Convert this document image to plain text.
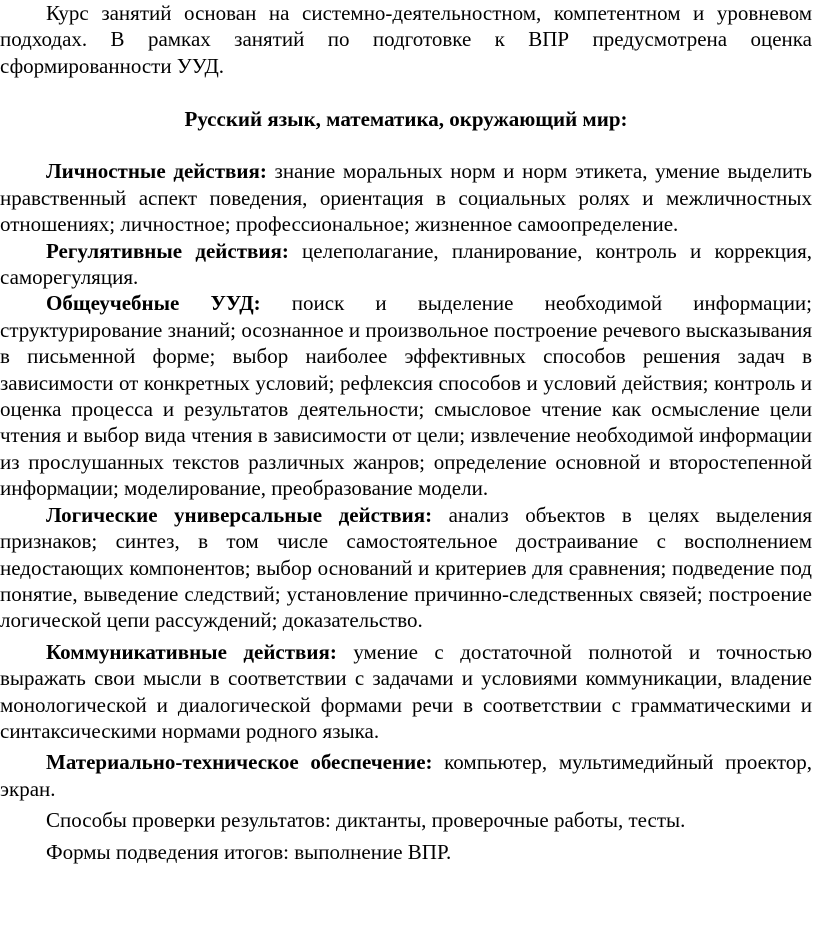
Курс занятий основан на системно-деятельностном, компетентном и уровневом подходах. В рамках занятий по подготовке к ВПР предусмотрена оценка сформированности УУД.

Русский язык, математика, окружающий мир:

Личностные действия: знание моральных норм и норм этикета, умение выделить нравственный аспект поведения, ориентация в социальных ролях и межличностных отношениях; личностное; профессиональное; жизненное самоопределение.

Регулятивные действия: целеполагание, планирование, контроль и коррекция, саморегуляция.

Общеучебные УУД: поиск и выделение необходимой информации; структурирование знаний; осознанное и произвольное построение речевого высказывания в письменной форме; выбор наиболее эффективных способов решения задач в зависимости от конкретных условий; рефлексия способов и условий действия; контроль и оценка процесса и результатов деятельности; смысловое чтение как осмысление цели чтения и выбор вида чтения в зависимости от цели; извлечение необходимой информации из прослушанных текстов различных жанров; определение основной и второстепенной информации; моделирование, преобразование модели.

Логические универсальные действия: анализ объектов в целях выделения признаков; синтез, в том числе самостоятельное достраивание с восполнением недостающих компонентов; выбор оснований и критериев для сравнения; подведение под понятие, выведение следствий; установление причинно-следственных связей; построение логической цепи рассуждений; доказательство.

Коммуникативные действия: умение с достаточной полнотой и точностью выражать свои мысли в соответствии с задачами и условиями коммуникации, владение монологической и диалогической формами речи в соответствии с грамматическими и синтаксическими нормами родного языка.

Материально-техническое обеспечение: компьютер, мультимедийный проектор, экран.

Способы проверки результатов: диктанты, проверочные работы, тесты.

Формы подведения итогов: выполнение ВПР.
